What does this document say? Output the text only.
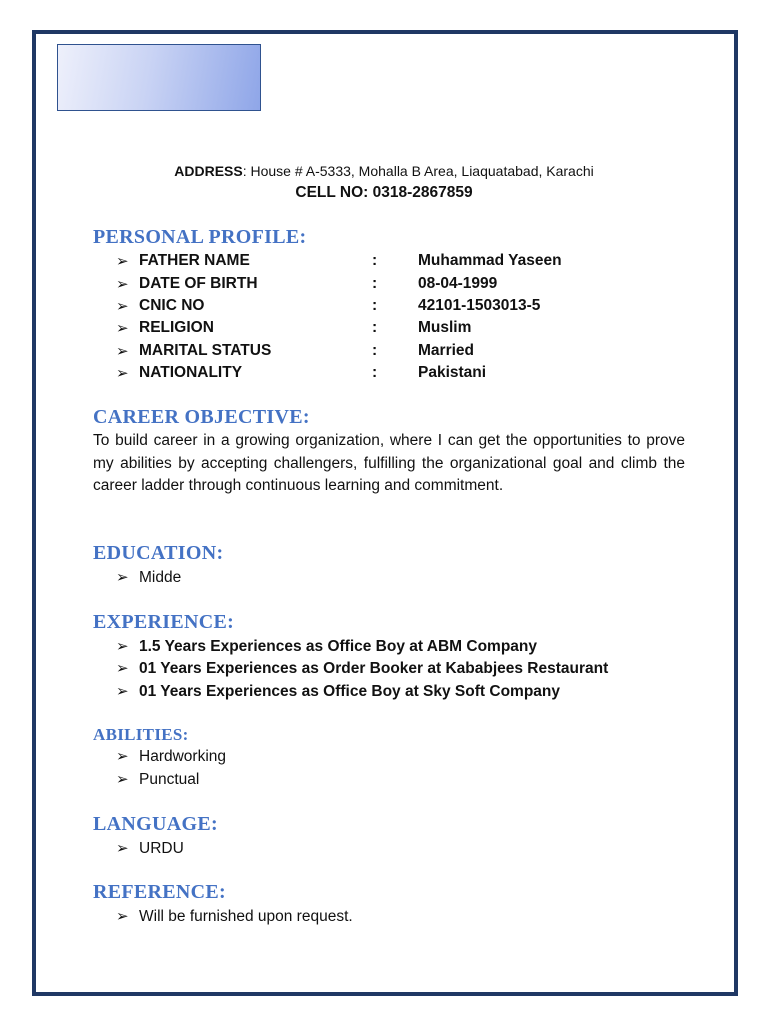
ADDRESS: House # A-5333, Mohalla B Area, Liaquatabad, Karachi
CELL NO: 0318-2867859
PERSONAL PROFILE:
➢ FATHER NAME	:	Muhammad Yaseen
➢ DATE OF BIRTH	:	08-04-1999
➢ CNIC NO	:	42101-1503013-5
➢ RELIGION	:	Muslim
➢ MARITAL STATUS	:	Married
➢ NATIONALITY	:	Pakistani
CAREER OBJECTIVE:
To build career in a growing organization, where I can get the opportunities to prove my abilities by accepting challengers, fulfilling the organizational goal and climb the career ladder through continuous learning and commitment.
EDUCATION:
➢ Midde
EXPERIENCE:
➢ 1.5 Years Experiences as Office Boy at ABM Company
➢ 01 Years Experiences as Order Booker at Kababjees Restaurant
➢ 01 Years Experiences as Office Boy at Sky Soft Company
ABILITIES:
➢ Hardworking
➢ Punctual
LANGUAGE:
➢ URDU
REFERENCE:
➢ Will be furnished upon request.
